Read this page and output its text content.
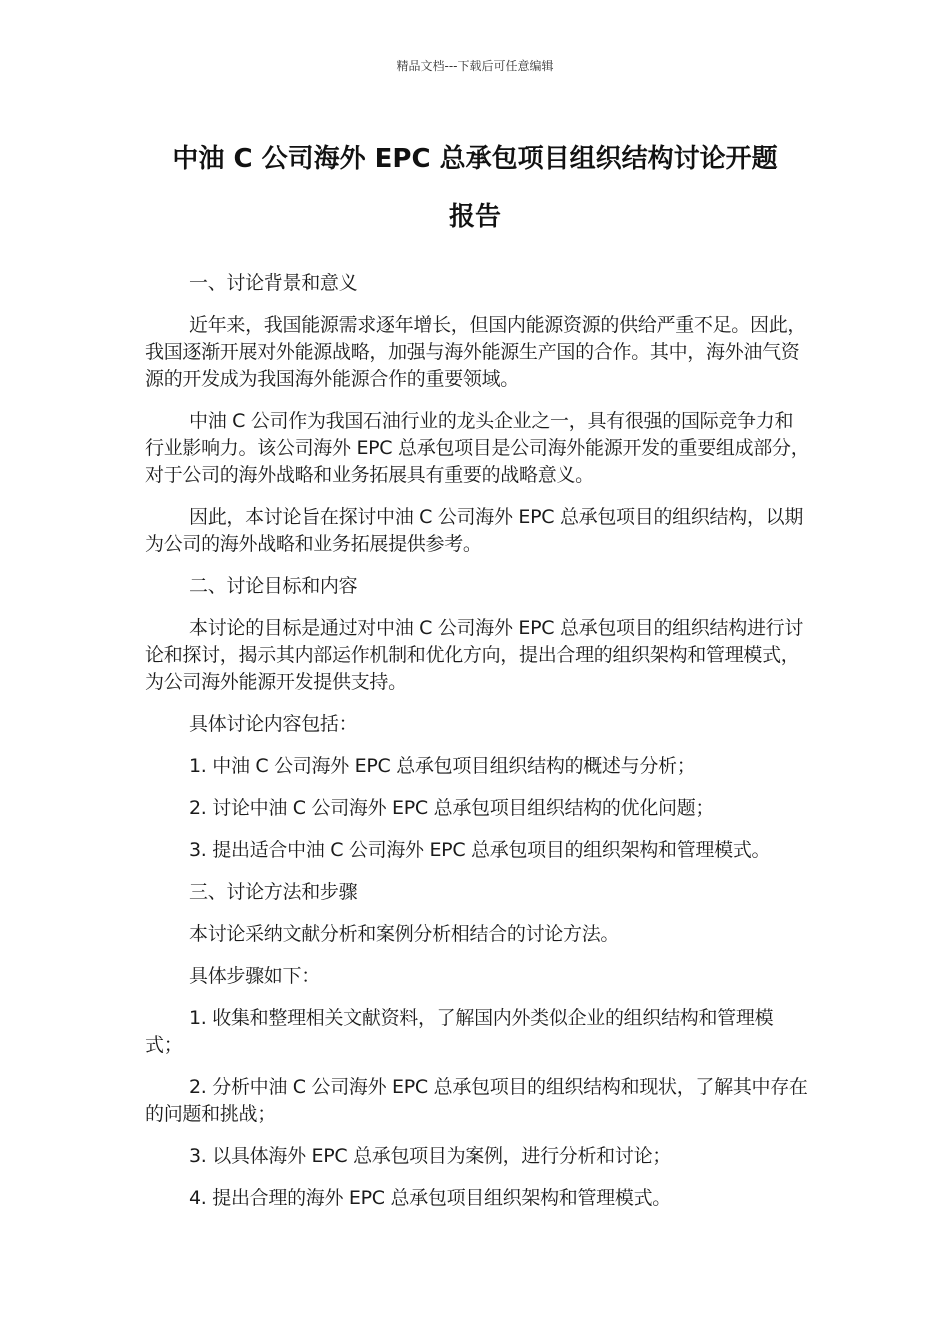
精品文档---下载后可任意编辑
中油 C 公司海外 EPC 总承包项目组织结构讨论开题
报告

一、讨论背景和意义

近年来，我国能源需求逐年增长，但国内能源资源的供给严重不足。因此，我国逐渐开展对外能源战略，加强与海外能源生产国的合作。其中，海外油气资源的开发成为我国海外能源合作的重要领域。

中油 C 公司作为我国石油行业的龙头企业之一，具有很强的国际竞争力和行业影响力。该公司海外 EPC 总承包项目是公司海外能源开发的重要组成部分，对于公司的海外战略和业务拓展具有重要的战略意义。

因此，本讨论旨在探讨中油 C 公司海外 EPC 总承包项目的组织结构，以期为公司的海外战略和业务拓展提供参考。

二、讨论目标和内容

本讨论的目标是通过对中油 C 公司海外 EPC 总承包项目的组织结构进行讨论和探讨，揭示其内部运作机制和优化方向，提出合理的组织架构和管理模式，为公司海外能源开发提供支持。

具体讨论内容包括：

1. 中油 C 公司海外 EPC 总承包项目组织结构的概述与分析；

2. 讨论中油 C 公司海外 EPC 总承包项目组织结构的优化问题；

3. 提出适合中油 C 公司海外 EPC 总承包项目的组织架构和管理模式。

三、讨论方法和步骤

本讨论采纳文献分析和案例分析相结合的讨论方法。

具体步骤如下：

1. 收集和整理相关文献资料，了解国内外类似企业的组织结构和管理模式；

2. 分析中油 C 公司海外 EPC 总承包项目的组织结构和现状，了解其中存在的问题和挑战；

3. 以具体海外 EPC 总承包项目为案例，进行分析和讨论；

4. 提出合理的海外 EPC 总承包项目组织架构和管理模式。
